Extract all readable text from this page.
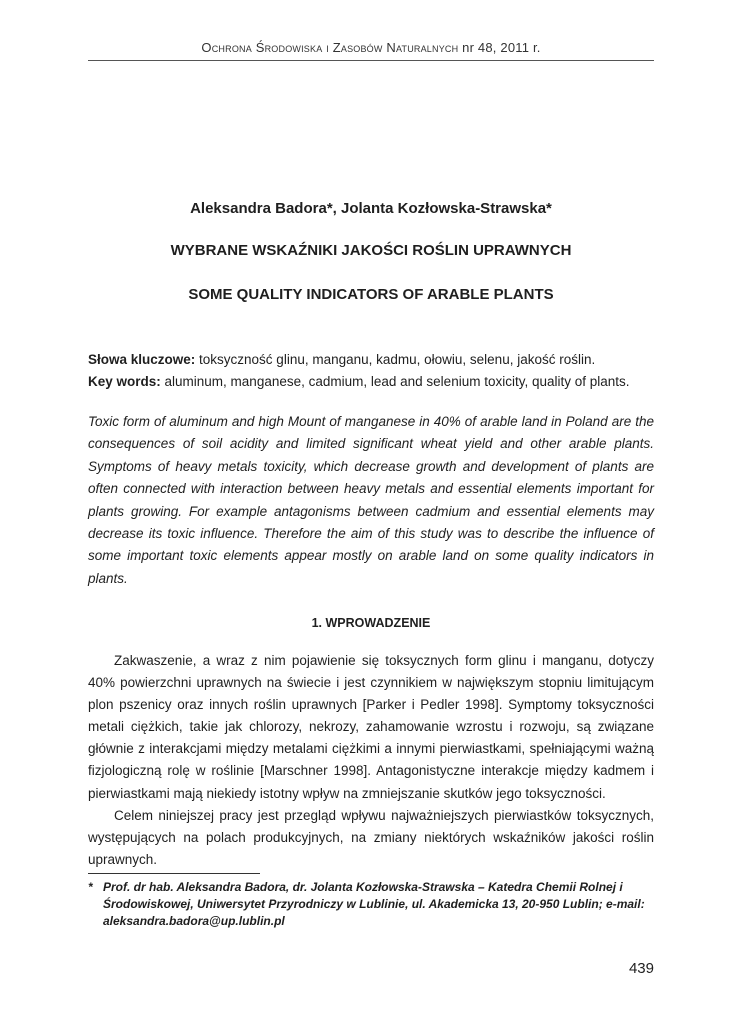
Ochrona Środowiska i Zasobów Naturalnych nr 48, 2011 r.
Aleksandra Badora*, Jolanta Kozłowska-Strawska*
WYBRANE WSKAŹNIKI JAKOŚCI ROŚLIN UPRAWNYCH
SOME QUALITY INDICATORS OF ARABLE PLANTS
Słowa kluczowe: toksyczność glinu, manganu, kadmu, ołowiu, selenu, jakość roślin.
Key words: aluminum, manganese, cadmium, lead and selenium toxicity, quality of plants.
Toxic form of aluminum and high Mount of manganese in 40% of arable land in Poland are the consequences of soil acidity and limited significant wheat yield and other arable plants. Symptoms of heavy metals toxicity, which decrease growth and development of plants are often connected with interaction between heavy metals and essential elements important for plants growing. For example antagonisms between cadmium and essential elements may decrease its toxic influence. Therefore the aim of this study was to describe the influence of some important toxic elements appear mostly on arable land on some quality indicators in plants.
1. WPROWADZENIE

Zakwaszenie, a wraz z nim pojawienie się toksycznych form glinu i manganu, dotyczy 40% powierzchni uprawnych na świecie i jest czynnikiem w największym stopniu limitującym plon pszenicy oraz innych roślin uprawnych [Parker i Pedler 1998]. Symptomy toksyczności metali ciężkich, takie jak chlorozy, nekrozy, zahamowanie wzrostu i rozwoju, są związane głównie z interakcjami między metalami ciężkimi a innymi pierwiastkami, spełniającymi ważną fizjologiczną rolę w roślinie [Marschner 1998]. Antagonistyczne interakcje między kadmem i pierwiastkami mają niekiedy istotny wpływ na zmniejszanie skutków jego toksyczności.

Celem niniejszej pracy jest przegląd wpływu najważniejszych pierwiastków toksycznych, występujących na polach produkcyjnych, na zmiany niektórych wskaźników jakości roślin uprawnych.

* Prof. dr hab. Aleksandra Badora, dr. Jolanta Kozłowska-Strawska – Katedra Chemii Rolnej i Środowiskowej, Uniwersytet Przyrodniczy w Lublinie, ul. Akademicka 13, 20-950 Lublin; e-mail: aleksandra.badora@up.lublin.pl
439
